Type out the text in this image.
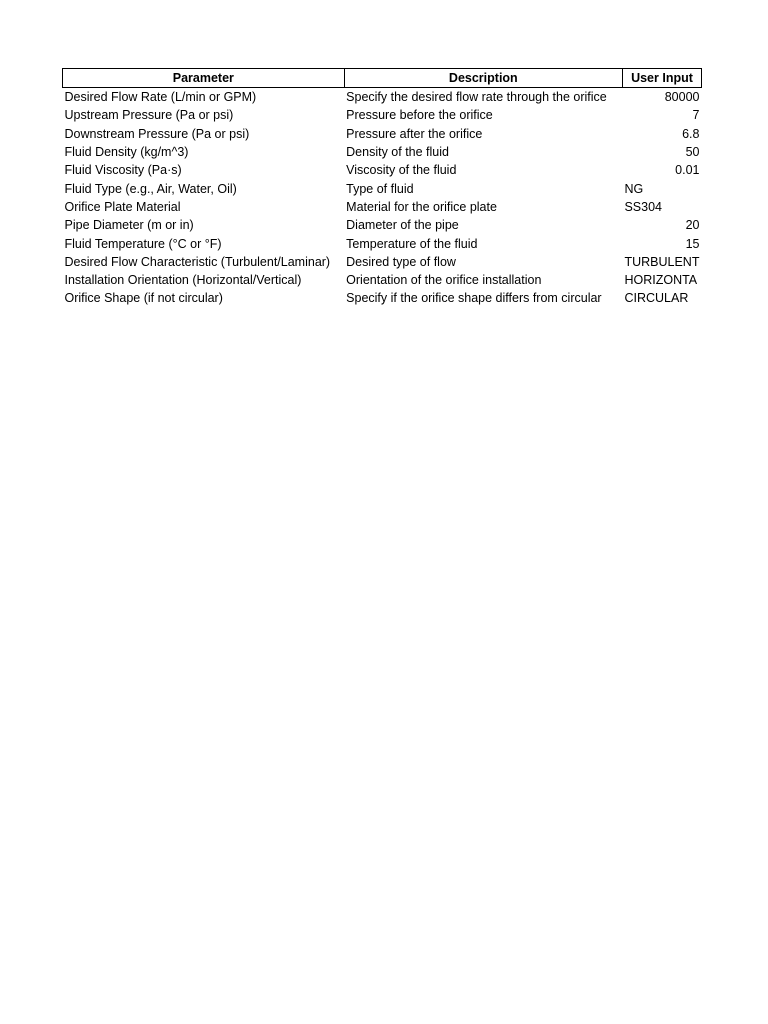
Parameter	Description	User Input
Desired Flow Rate (L/min or GPM)	Specify the desired flow rate through the orifice	80000
Upstream Pressure (Pa or psi)	Pressure before the orifice	7
Downstream Pressure (Pa or psi)	Pressure after the orifice	6.8
Fluid Density (kg/m^3)	Density of the fluid	50
Fluid Viscosity (Pa·s)	Viscosity of the fluid	0.01
Fluid Type (e.g., Air, Water, Oil)	Type of fluid	NG
Orifice Plate Material	Material for the orifice plate	SS304
Pipe Diameter (m or in)	Diameter of the pipe	20
Fluid Temperature (°C or °F)	Temperature of the fluid	15
Desired Flow Characteristic (Turbulent/Laminar)	Desired type of flow	TURBULENT
Installation Orientation (Horizontal/Vertical)	Orientation of the orifice installation	HORIZONTA
Orifice Shape (if not circular)	Specify if the orifice shape differs from circular	CIRCULAR
